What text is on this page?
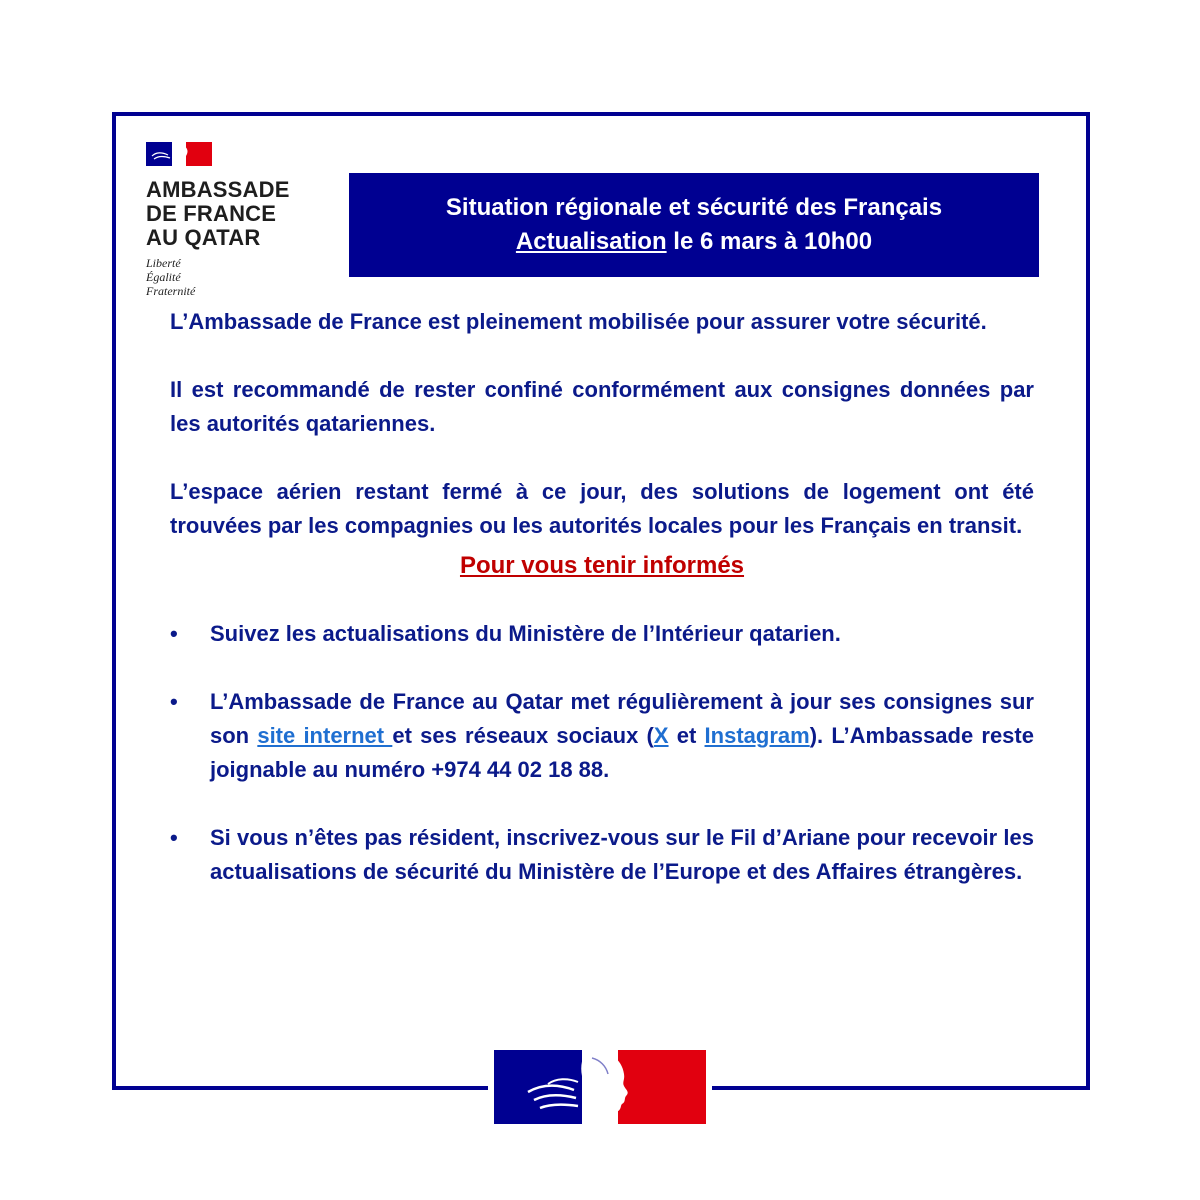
AMBASSADE
DE FRANCE
AU QATAR
Liberté
Égalité
Fraternité
Situation régionale et sécurité des Français
Actualisation le 6 mars à 10h00

L’Ambassade de France est pleinement mobilisée pour assurer votre sécurité.

Il est recommandé de rester confiné conformément aux consignes données par les autorités qatariennes.

L’espace aérien restant fermé à ce jour, des solutions de logement ont été trouvées par les compagnies ou les autorités locales pour les Français en transit.

Pour vous tenir informés
•	Suivez les actualisations du Ministère de l’Intérieur qatarien.
•	L’Ambassade de France au Qatar met régulièrement à jour ses consignes sur son site internet et ses réseaux sociaux (X et Instagram). L’Ambassade reste joignable au numéro +974 44 02 18 88.
•	Si vous n’êtes pas résident, inscrivez-vous sur le Fil d’Ariane pour recevoir les actualisations de sécurité du Ministère de l’Europe et des Affaires étrangères.
